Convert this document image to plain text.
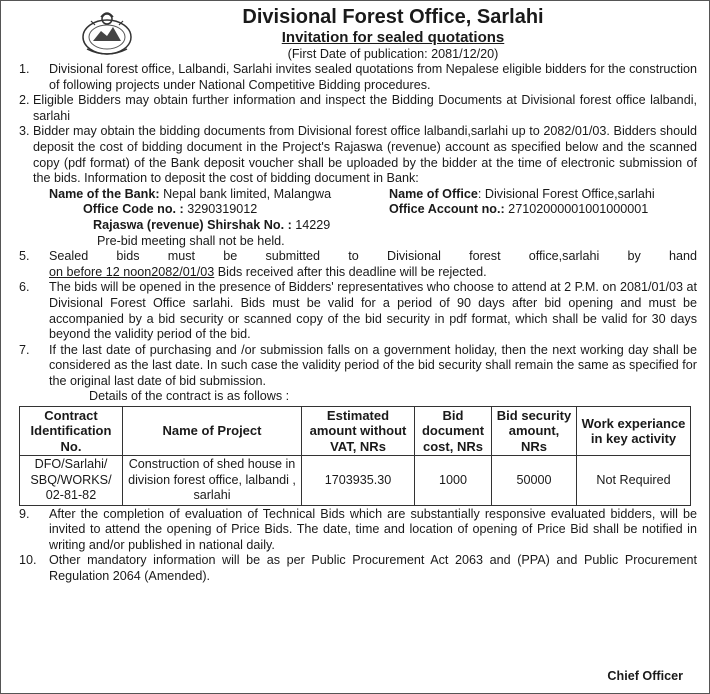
Divisional Forest Office, Sarlahi
Invitation for sealed quotations
(First Date of publication: 2081/12/20)
1. Divisional forest office, Lalbandi, Sarlahi invites sealed quotations from Nepalese eligible bidders for the construction of following projects under National Competitive Bidding procedures.
2. Eligible Bidders may obtain further information and inspect the Bidding Documents at Divisional forest office lalbandi, sarlahi
3. Bidder may obtain the bidding documents from Divisional forest office lalbandi,sarlahi up to 2082/01/03. Bidders should deposit the cost of bidding document in the Project's Rajaswa (revenue) account as specified below and the scanned copy (pdf format) of the Bank deposit voucher shall be uploaded by the bidder at the time of electronic submission of the bids. Information to deposit the cost of bidding document in Bank:
Name of the Bank: Nepal bank limited, Malangwa	Name of Office: Divisional Forest Office,sarlahi
Office Code no. : 3290319012	Office Account no.: 27102000001001000001
Rajaswa (revenue) Shirshak No. : 14229
Pre-bid meeting shall not be held.
5. Sealed bids must be submitted to Divisional forest office,sarlahi by hand
on before 12 noon2082/01/03 Bids received after this deadline will be rejected.
6. The bids will be opened in the presence of Bidders' representatives who choose to attend at 2 P.M. on 2081/01/03 at Divisional Forest Office sarlahi. Bids must be valid for a period of 90 days after bid opening and must be accompanied by a bid security or scanned copy of the bid security in pdf format, which shall be valid for 30 days beyond the validity period of the bid.
7. If the last date of purchasing and /or submission falls on a government holiday, then the next working day shall be considered as the last date. In such case the validity period of the bid security shall remain the same as specified for the original last date of bid submission.
Details of the contract is as follows :
Contract Identification No.	Name of Project	Estimated amount without VAT, NRs	Bid document cost, NRs	Bid security amount, NRs	Work experiance in key activity
DFO/Sarlahi/ SBQ/WORKS/ 02-81-82	Construction of shed house in division forest office, lalbandi , sarlahi	1703935.30	1000	50000	Not Required
9. After the completion of evaluation of Technical Bids which are substantially responsive evaluated bidders, will be invited to attend the opening of Price Bids. The date, time and location of opening of Price Bid shall be notified in writing and/or published in national daily.
10. Other mandatory information will be as per Public Procurement Act 2063 and (PPA) and Public Procurement Regulation 2064 (Amended).
Chief Officer
